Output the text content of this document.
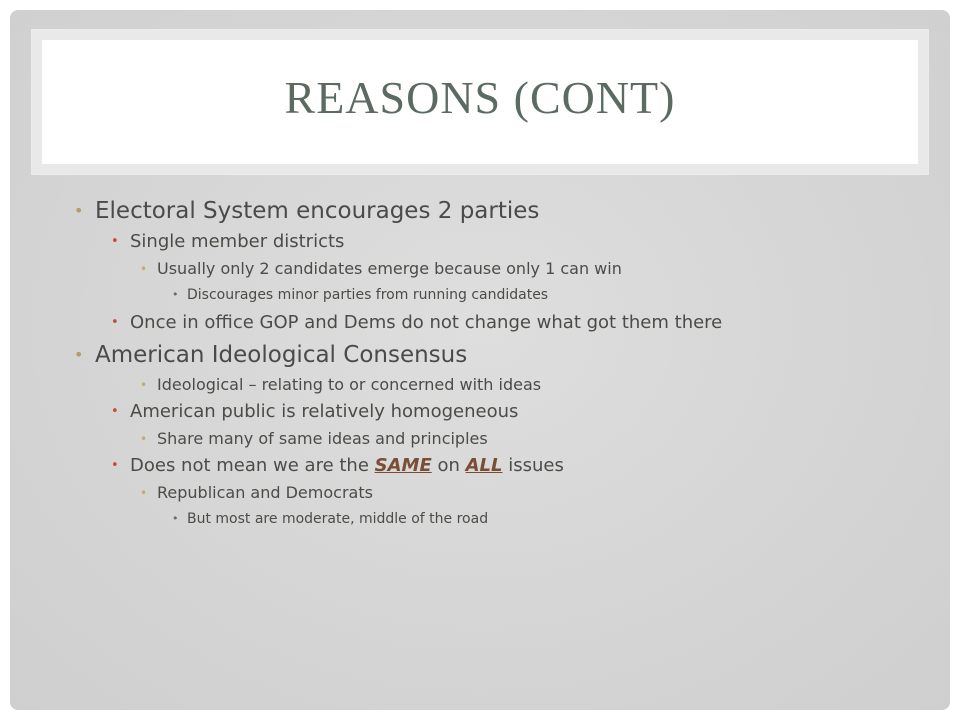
REASONS (CONT)
• Electoral System encourages 2 parties
• Single member districts
• Usually only 2 candidates emerge because only 1 can win
• Discourages minor parties from running candidates
• Once in office GOP and Dems do not change what got them there
• American Ideological Consensus
• Ideological – relating to or concerned with ideas
• American public is relatively homogeneous
• Share many of same ideas and principles
• Does not mean we are the SAME on ALL issues
• Republican and Democrats
• But most are moderate, middle of the road
